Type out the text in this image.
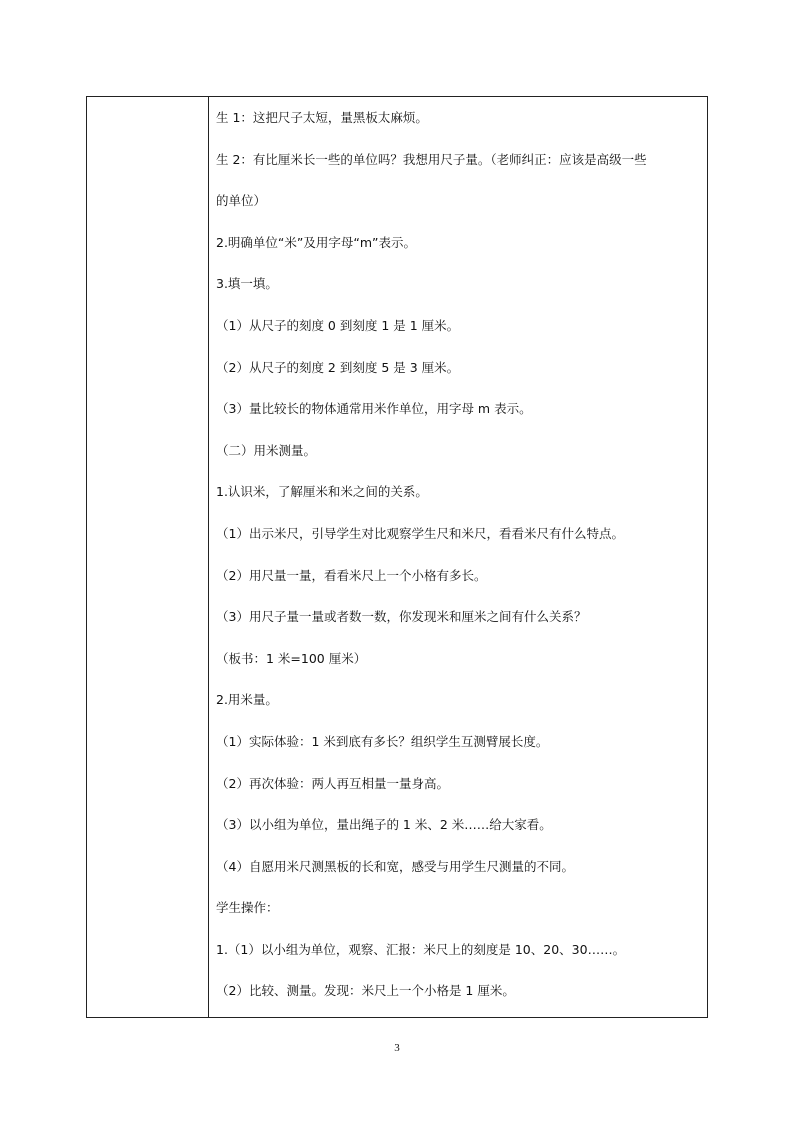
生 1：这把尺子太短，量黑板太麻烦。
生 2：有比厘米长一些的单位吗？我想用尺子量。（老师纠正：应该是高级一些
的单位）
2.明确单位“米”及用字母“m”表示。
3.填一填。
（1）从尺子的刻度 0 到刻度 1 是 1 厘米。
（2）从尺子的刻度 2 到刻度 5 是 3 厘米。
（3）量比较长的物体通常用米作单位，用字母 m 表示。
（二）用米测量。
1.认识米，了解厘米和米之间的关系。
（1）出示米尺，引导学生对比观察学生尺和米尺，看看米尺有什么特点。
（2）用尺量一量，看看米尺上一个小格有多长。
（3）用尺子量一量或者数一数，你发现米和厘米之间有什么关系？
（板书：1 米=100 厘米）
2.用米量。
（1）实际体验：1 米到底有多长？组织学生互测臂展长度。
（2）再次体验：两人再互相量一量身高。
（3）以小组为单位，量出绳子的 1 米、2 米……给大家看。
（4）自愿用米尺测黑板的长和宽，感受与用学生尺测量的不同。
学生操作：
1.（1）以小组为单位，观察、汇报：米尺上的刻度是 10、20、30……。
（2）比较、测量。发现：米尺上一个小格是 1 厘米。
3
